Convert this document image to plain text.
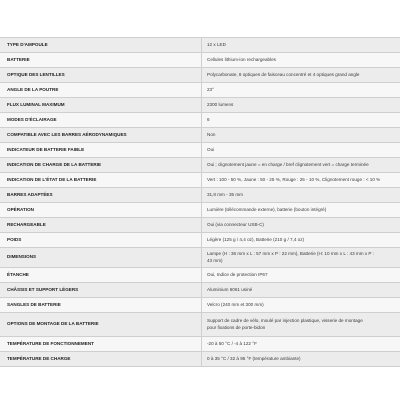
TYPE D'AMPOULE	12 x LED

BATTERIE	Cellules lithium-ion rechargeables

OPTIQUE DES LENTILLES	Polycarbonate, 8 optiques de faisceau concentré et 4 optiques grand angle

ANGLE DE LA POUTRE	23°

FLUX LUMINAL MAXIMUM	2300 lumens

MODES D'ÉCLAIRAGE	6

COMPATIBLE AVEC LES BARRES AÉRODYNAMIQUES	Non

INDICATEUR DE BATTERIE FAIBLE	Oui

INDICATION DE CHARGE DE LA BATTERIE	Oui ; clignotement jaune = en charge / bref clignotement vert = charge terminée

INDICATION DE L'ÉTAT DE LA BATTERIE	Vert : 100 - 50 %, Jaune : 50 - 25 %, Rouge : 25 - 10 %, Clignotement rouge : < 10 %

BARRES ADAPTÉES	31,8 mm - 35 mm

OPÉRATION	Lumière (télécommande externe), batterie (bouton intégré)

RECHARGEABLE	Oui (via connecteur USB-C)

POIDS	Légère (125 g / 4,4 oz), Batterie (210 g / 7,4 oz)

DIMENSIONS	Lampe (H : 36 mm x L : 57 mm x P : 22 mm), Batterie (H: 10 mm x L : 43 mm x P :
43 mm)

ÉTANCHE	Oui, Indice de protection IP67

CHÂSSIS ET SUPPORT LÉGERS	Aluminium 6061 usiné

SANGLES DE BATTERIE	Velcro (240 mm et 300 mm)

OPTIONS DE MONTAGE DE LA BATTERIE	Support de cadre de vélo, moulé par injection plastique, visserie de montage
pour fixations de porte-bidon

TEMPÉRATURE DE FONCTIONNEMENT	-20 à 50 °C / -4 à 122 °F

TEMPÉRATURE DE CHARGE	0 à 35 °C / 32 à 95 °F (température ambiante)
